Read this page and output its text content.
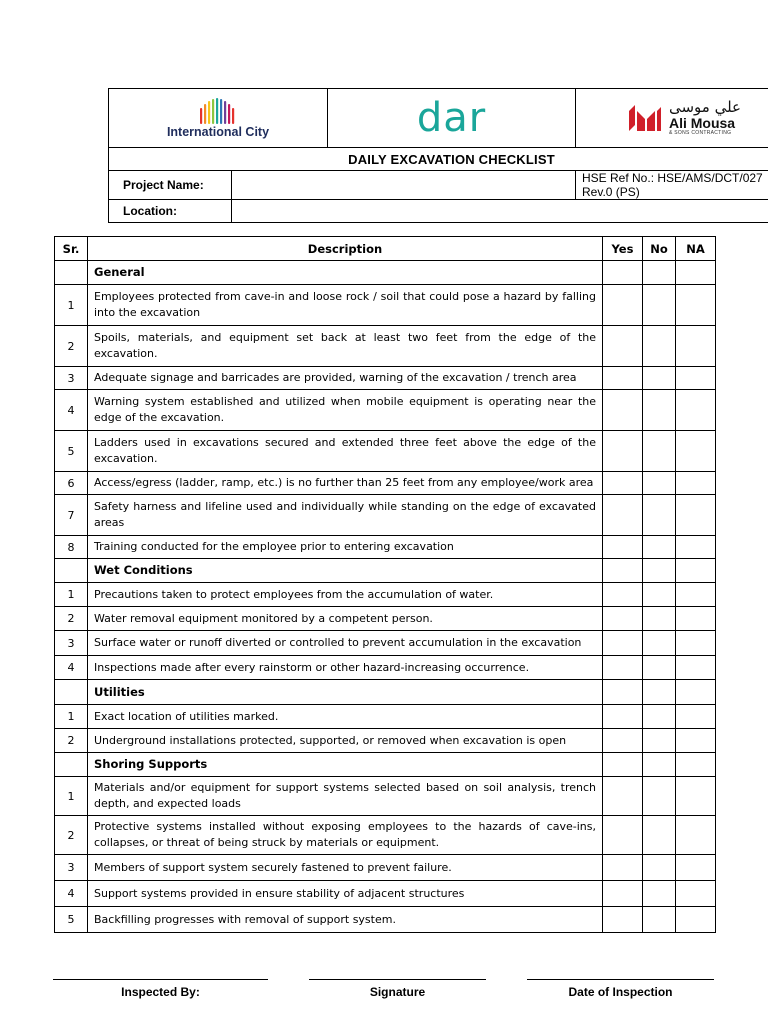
International City		dar	علي موسى
Ali Mousa
& SONS CONTRACTING

DAILY EXCAVATION CHECKLIST			
Project Name:			HSE Ref No.: HSE/AMS/DCT/027 Rev.0 (PS)
Location:			
Sr.	Description	Yes	No	NA
	General			
1	Employees protected from cave-in and loose rock / soil that could pose a hazard by falling into the excavation			
2	Spoils, materials, and equipment set back at least two feet from the edge of the excavation.			
3	Adequate signage and barricades are provided, warning of the excavation / trench area			
4	Warning system established and utilized when mobile equipment is operating near the edge of the excavation.			
5	Ladders used in excavations secured and extended three feet above the edge of the excavation.			
6	Access/egress (ladder, ramp, etc.) is no further than 25 feet from any employee/work area			
7	Safety harness and lifeline used and individually while standing on the edge of excavated areas			
8	Training conducted for the employee prior to entering excavation			
	Wet Conditions			
1	Precautions taken to protect employees from the accumulation of water.			
2	Water removal equipment monitored by a competent person.			
3	Surface water or runoff diverted or controlled to prevent accumulation in the excavation			
4	Inspections made after every rainstorm or other hazard-increasing occurrence.			
	Utilities			
1	Exact location of utilities marked.			
2	Underground installations protected, supported, or removed when excavation is open			
	Shoring Supports			
1	Materials and/or equipment for support systems selected based on soil analysis, trench depth, and expected loads			
2	Protective systems installed without exposing employees to the hazards of cave-ins, collapses, or threat of being struck by materials or equipment.			
3	Members of support system securely fastened to prevent failure.			
4	Support systems provided in ensure stability of adjacent structures			
5	Backfilling progresses with removal of support system.			
Inspected By:	Signature	Date of Inspection
